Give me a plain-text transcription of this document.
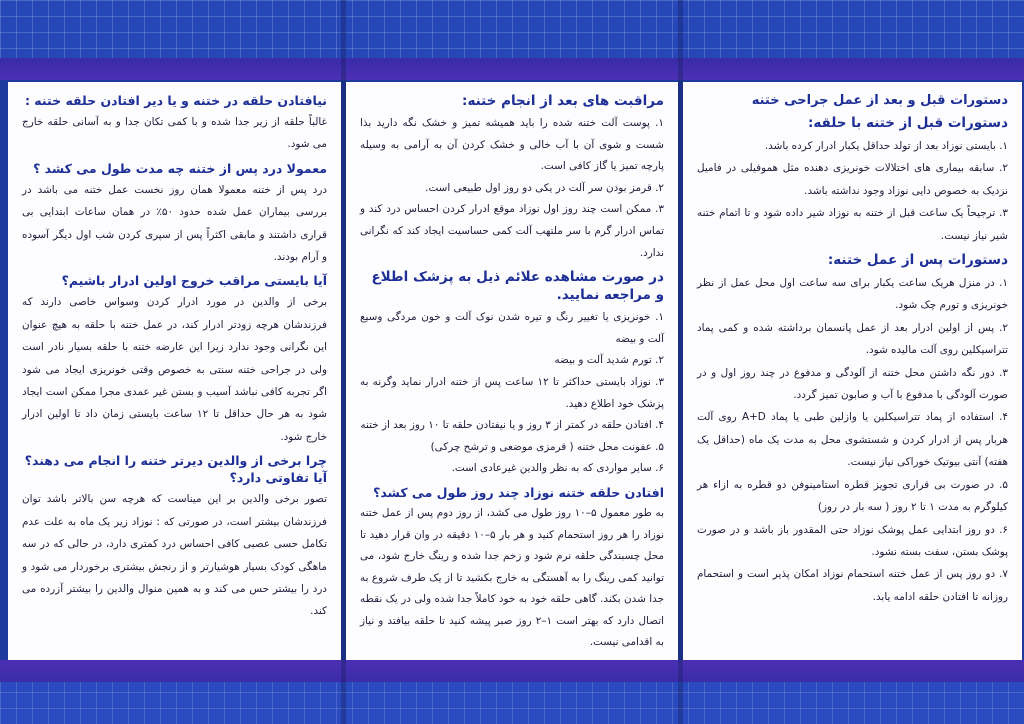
دستورات قبل و بعد از عمل جراحی ختنه
دستورات قبل از ختنه با حلقه:

۱. بایستی نوزاد بعد از تولد حداقل یکبار ادرار کرده باشد.

۲. سابقه بیماری های اختلالات خونریزی دهنده مثل هموفیلی در فامیل نزدیک به خصوص دایی نوزاد وجود نداشته باشد.

۳. ترجیحاً یک ساعت قبل از ختنه به نوزاد شیر داده شود و تا اتمام ختنه شیر نیاز نیست.

دستورات پس از عمل ختنه:

۱. در منزل هریک ساعت یکبار برای سه ساعت اول محل عمل از نظر خونریزی و تورم چک شود.

۲. پس از اولین ادرار بعد از عمل پانسمان برداشته شده و کمی پماد تتراسیکلین روی آلت مالیده شود.

۳. دور نگه داشتن محل ختنه از آلودگی و مدفوع در چند روز اول و در صورت آلودگی با مدفوع با آب و صابون تمیز گردد.

۴. استفاده از پماد تتراسیکلین یا وازلین طبی یا پماد A+D روی آلت هربار پس از ادرار کردن و شستشوی محل به مدت یک ماه (حداقل یک هفته) آنتی بیوتیک خوراکی نیاز نیست.

۵. در صورت بی قراری تجویز قطره استامینوفن دو قطره به ازاء هر کیلوگرم به مدت ۱ تا ۲ روز ( سه بار در روز)

۶. دو روز ابتدایی عمل پوشک نوزاد حتی المقدور باز باشد و در صورت پوشک بستن، سفت بسته نشود.

۷. دو روز پس از عمل ختنه استحمام نوزاد امکان پذیر است و استحمام روزانه تا افتادن حلقه ادامه یابد.

مراقبت های بعد از انجام ختنه:

۱. پوست آلت ختنه شده را باید همیشه تمیز و خشک نگه دارید بذا شست و شوی آن با آب خالی و خشک کردن آن به آرامی به وسیله پارچه تمیز یا گاز کافی است.

۲. قرمز بودن سر آلت در یکی دو روز اول طبیعی است.

۳. ممکن است چند روز اول نوزاد موقع ادرار کردن احساس درد کند و تماس ادرار گرم با سر ملتهب آلت کمی حساسیت ایجاد کند که نگرانی ندارد.

در صورت مشاهده علائم ذیل به پزشک اطلاع و مراجعه نمایید.

۱. خونریزی یا تغییر رنگ و تیره شدن نوک آلت و خون مردگی وسیع آلت و بیضه

۲. تورم شدید آلت و بیضه

۳. نوزاد بایستی حداکثر تا ۱۲ ساعت پس از ختنه ادرار نماید وگرنه به پزشک خود اطلاع دهید.

۴. افتادن حلقه در کمتر از ۳ روز و یا نیفتادن حلقه تا ۱۰ روز بعد از ختنه

۵. عفونت محل ختنه ( قرمزی موضعی و ترشح چرکی)

۶. سایر مواردی که به نظر والدین غیرعادی است.

افتادن حلقه ختنه نوزاد چند روز طول می کشد؟

به طور معمول ۵–۱۰ روز طول می کشد، از روز دوم پس از عمل ختنه نوزاد را هر روز استحمام کنید و هر بار ۵–۱۰ دقیقه در وان قرار دهید تا محل چسبندگی حلقه نرم شود و زخم جدا شده و رینگ خارج شود، می توانید کمی رینگ را به آهستگی به خارج بکشید تا از یک طرف شروع به جدا شدن بکند. گاهی حلقه خود به خود کاملاً جدا شده ولی در یک نقطه اتصال دارد که بهتر است ۱–۲ روز صبر پیشه کنید تا حلقه بیافتد و نیاز به اقدامی نیست.

نیافتادن حلقه در ختنه و یا دیر افتادن حلقه ختنه :

غالباً حلقه از زیر جدا شده و با کمی تکان جدا و به آسانی حلقه خارج می شود.

معمولا درد پس از ختنه چه مدت طول می کشد ؟

درد پس از ختنه معمولا همان روز نخست عمل ختنه می باشد در بررسی بیماران عمل شده حدود ۵۰٪ در همان ساعات ابتدایی بی قراری داشتند و مابقی اکثراً پس از سپری کردن شب اول دیگر آسوده و آرام بودند.

آیا بایستی مراقب خروج اولین ادرار باشیم؟

برخی از والدین در مورد ادرار کردن وسواس خاصی دارند که فرزندشان هرچه زودتر ادرار کند، در عمل ختنه با حلقه به هیچ عنوان این نگرانی وجود ندارد زیرا این عارضه ختنه با حلقه بسیار نادر است ولی در جراحی ختنه سنتی به خصوص وقتی خونریزی ایجاد می شود اگر تجربه کافی نباشد آسیب و بستن غیر عمدی مجرا ممکن است ایجاد شود به هر حال حداقل تا ۱۲ ساعت بایستی زمان داد تا اولین ادرار خارج شود.

چرا برخی از والدین دیرتر ختنه را انجام می دهند؟ آیا تفاوتی دارد؟

تصور برخی والدین بر این میناست که هرچه سن بالاتر باشد توان فرزندشان بیشتر است، در صورتی که : نوزاد زیر یک ماه به علت عدم تکامل حسی عصبی کافی احساس درد کمتری دارد، در حالی که در سه ماهگی کودک بسیار هوشیارتر و از رنجش بیشتری برخوردار می شود و درد را بیشتر حس می کند و به همین منوال والدین را بیشتر آزرده می کند.
